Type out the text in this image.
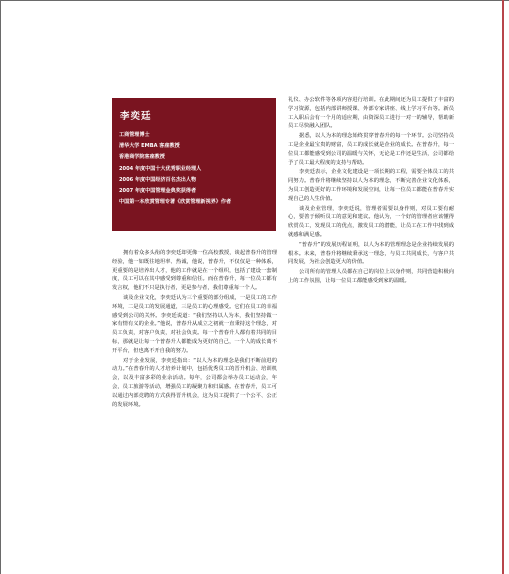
李奕廷

工商管理博士

清华大学 EMBA 客座教授

香港商学院客座教授

2004 年度中国十大优秀职业经理人

2006 年度中国经济百名杰出人物

2007 年度中国管理金典奖获得者

中国第一本欣赏管理专著《欣赏管理新视界》作者

拥有着众多头衔的李奕廷却更像一位高校教授，谈起普春升的管理经验，他一如既往地坦率、热诚，他说，普春升，不仅仅是一种体系，更重要的是培养出人才，他的工作就是在一个组织，包括了建设一套制度，员工可以在其中感受到尊重和信任。而在普春升，每一位员工都有发言权，他们不只是执行者，更是参与者，我们尊重每一个人。

谈及企业文化，李奕廷认为三个重要的部分组成，一是员工的工作环境，二是员工的发展通道，三是员工的心理感受。它们在员工的幸福感受到公司的关怀。李奕廷说道：“我们坚持以人为本，我们坚持做一家有情有义的企业。”他说，普春升从成立之初就一直秉持这个理念，对员工负责，对客户负责，对社会负责。每一个普春升人都有着共同的目标，那就是让每一个普春升人都能成为更好的自己，一个人的成长离不开平台，但也离不开自我的努力。

对于企业发展，李奕廷指出：“以人为本的理念是我们不断前进的动力。”在普春升的人才培养计划中，包括优秀员工的晋升机会、培训机会，以及丰富多彩的业余活动。每年，公司都会举办员工运动会，年会，员工旅游等活动，增强员工的凝聚力和归属感。在普春升，员工可以通过内部竞聘的方式获得晋升机会，这为员工提供了一个公平、公正的发展环境。

礼仪、办公软件等各项内容进行培训。在此期间还为员工提供了丰富的学习资源，包括内部讲师授课、外部专家讲座、线上学习平台等。新员工入职后会有一个月的适应期，由资深员工进行一对一的辅导，帮助新员工尽快融入团队。

据悉，以人为本的理念始终贯穿普春升的每一个环节。公司坚持员工是企业最宝贵的财富，员工的成长就是企业的成长。在普春升，每一位员工都能感受到公司的温暖与关怀，无论是工作还是生活，公司都给予了员工最大程度的支持与帮助。

李奕廷表示，企业文化建设是一项长期的工程，需要全体员工的共同努力。普春升将继续坚持以人为本的理念，不断完善企业文化体系，为员工创造更好的工作环境和发展空间，让每一位员工都能在普春升实现自己的人生价值。

谈及企业管理，李奕廷说，管理者需要以身作则，对员工要有耐心，要善于倾听员工的意见和建议。他认为，一个好的管理者应该懂得欣赏员工，发现员工的优点，激发员工的潜能，让员工在工作中找到成就感和满足感。

“普春升”的发展历程证明，以人为本的管理理念是企业持续发展的根本。未来，普春升将继续秉承这一理念，与员工共同成长，与客户共同发展，为社会创造更大的价值。

公司所有的管理人员都在自己的岗位上以身作则，共同营造积极向上的工作氛围，让每一位员工都能感受到家的温暖。
